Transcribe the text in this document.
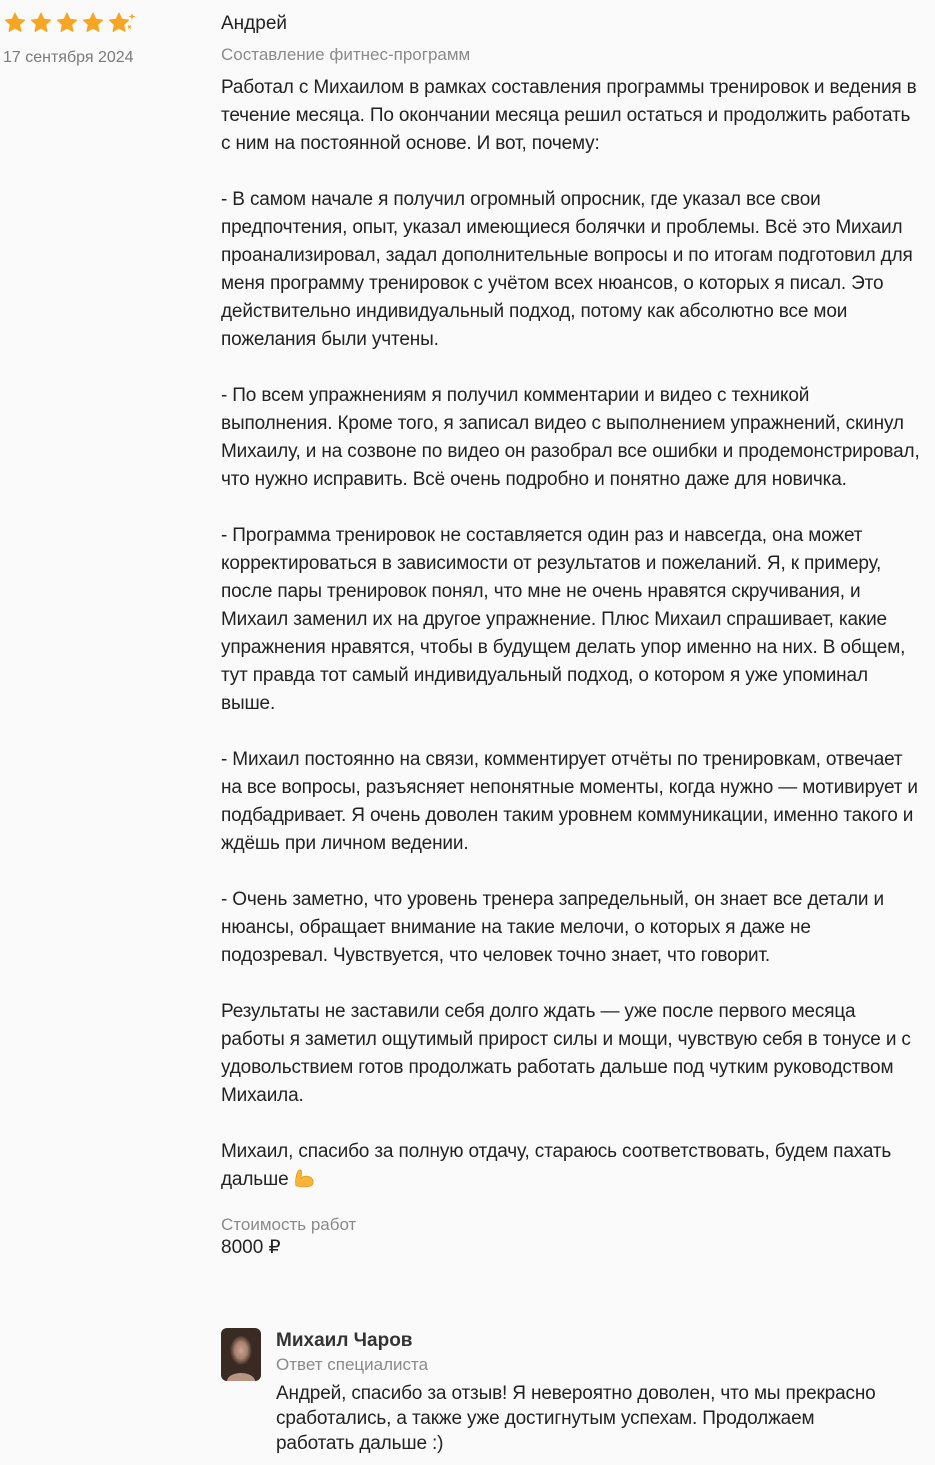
17 сентября 2024
Андрей
Составление фитнес-программ

Работал с Михаилом в рамках составления программы тренировок и ведения в течение месяца. По окончании месяца решил остаться и продолжить работать с ним на постоянной основе. И вот, почему:

- В самом начале я получил огромный опросник, где указал все свои предпочтения, опыт, указал имеющиеся болячки и проблемы. Всё это Михаил проанализировал, задал дополнительные вопросы и по итогам подготовил для меня программу тренировок с учётом всех нюансов, о которых я писал. Это действительно индивидуальный подход, потому как абсолютно все мои пожелания были учтены.

- По всем упражнениям я получил комментарии и видео с техникой выполнения. Кроме того, я записал видео с выполнением упражнений, скинул Михаилу, и на созвоне по видео он разобрал все ошибки и продемонстрировал, что нужно исправить. Всё очень подробно и понятно даже для новичка.

- Программа тренировок не составляется один раз и навсегда, она может корректироваться в зависимости от результатов и пожеланий. Я, к примеру, после пары тренировок понял, что мне не очень нравятся скручивания, и Михаил заменил их на другое упражнение. Плюс Михаил спрашивает, какие упражнения нравятся, чтобы в будущем делать упор именно на них. В общем, тут правда тот самый индивидуальный подход, о котором я уже упоминал выше.

- Михаил постоянно на связи, комментирует отчёты по тренировкам, отвечает на все вопросы, разъясняет непонятные моменты, когда нужно — мотивирует и подбадривает. Я очень доволен таким уровнем коммуникации, именно такого и ждёшь при личном ведении.

- Очень заметно, что уровень тренера запредельный, он знает все детали и нюансы, обращает внимание на такие мелочи, о которых я даже не подозревал. Чувствуется, что человек точно знает, что говорит.

Результаты не заставили себя долго ждать — уже после первого месяца работы я заметил ощутимый прирост силы и мощи, чувствую себя в тонусе и с удовольствием готов продолжать работать дальше под чутким руководством Михаила.

Михаил, спасибо за полную отдачу, стараюсь соответствовать, будем пахать дальше

Стоимость работ
8000 ₽
Михаил Чаров
Ответ специалиста
Андрей, спасибо за отзыв! Я невероятно доволен, что мы прекрасно сработались, а также уже достигнутым успехам. Продолжаем работать дальше :)
